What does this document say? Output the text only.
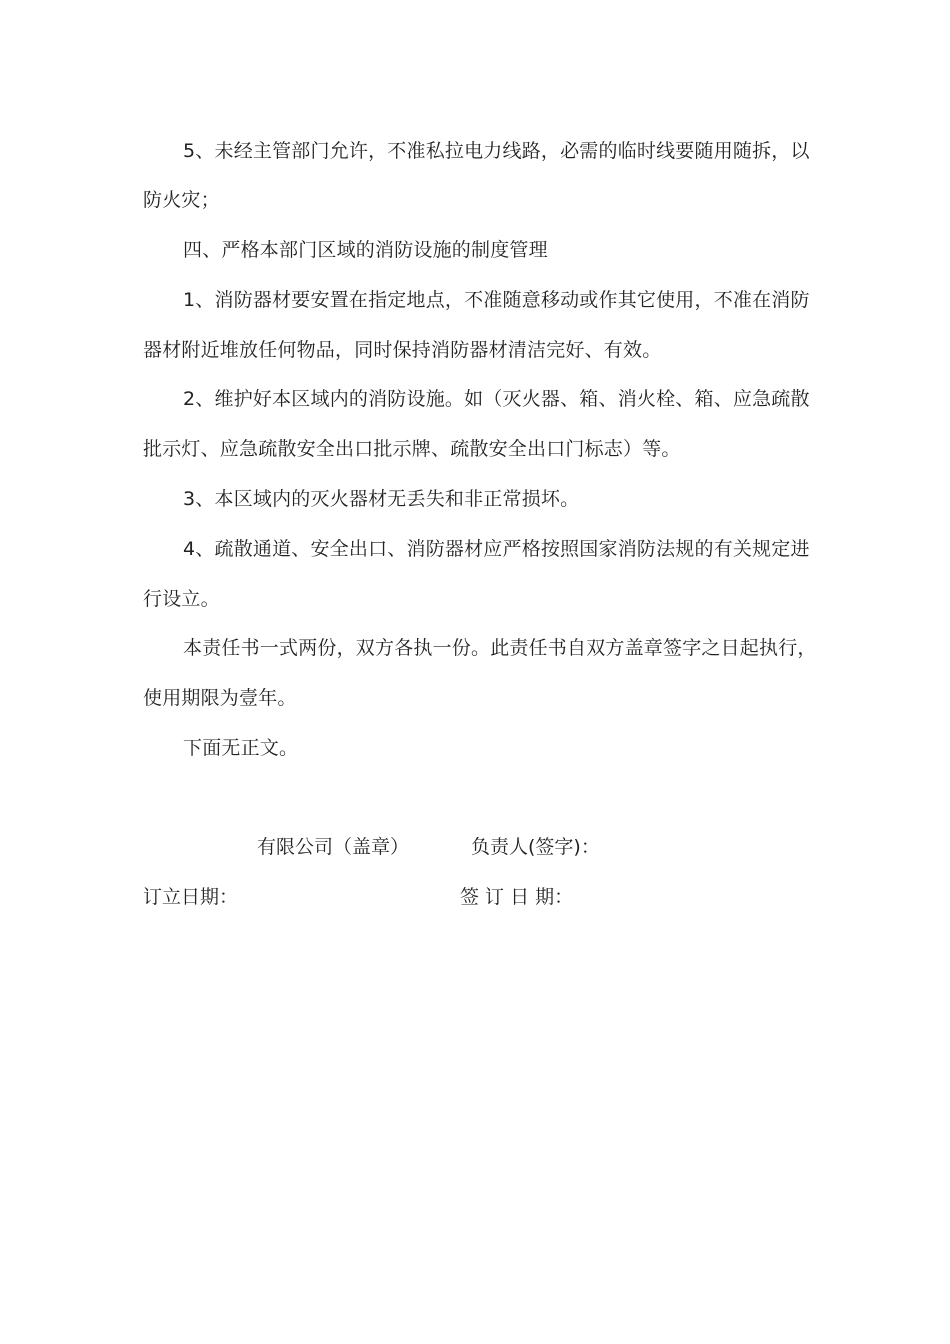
5、未经主管部门允许，不准私拉电力线路，必需的临时线要随用随拆，以
防火灾；
四、严格本部门区域的消防设施的制度管理
1、消防器材要安置在指定地点，不准随意移动或作其它使用，不准在消防
器材附近堆放任何物品，同时保持消防器材清洁完好、有效。
2、维护好本区域内的消防设施。如（灭火器、箱、消火栓、箱、应急疏散
批示灯、应急疏散安全出口批示牌、疏散安全出口门标志）等。
3、本区域内的灭火器材无丢失和非正常损坏。
4、疏散通道、安全出口、消防器材应严格按照国家消防法规的有关规定进
行设立。
本责任书一式两份，双方各执一份。此责任书自双方盖章签字之日起执行，
使用期限为壹年。
下面无正文。
有限公司（盖章）	负责人(签字)：
订立日期：	签 订 日 期：
